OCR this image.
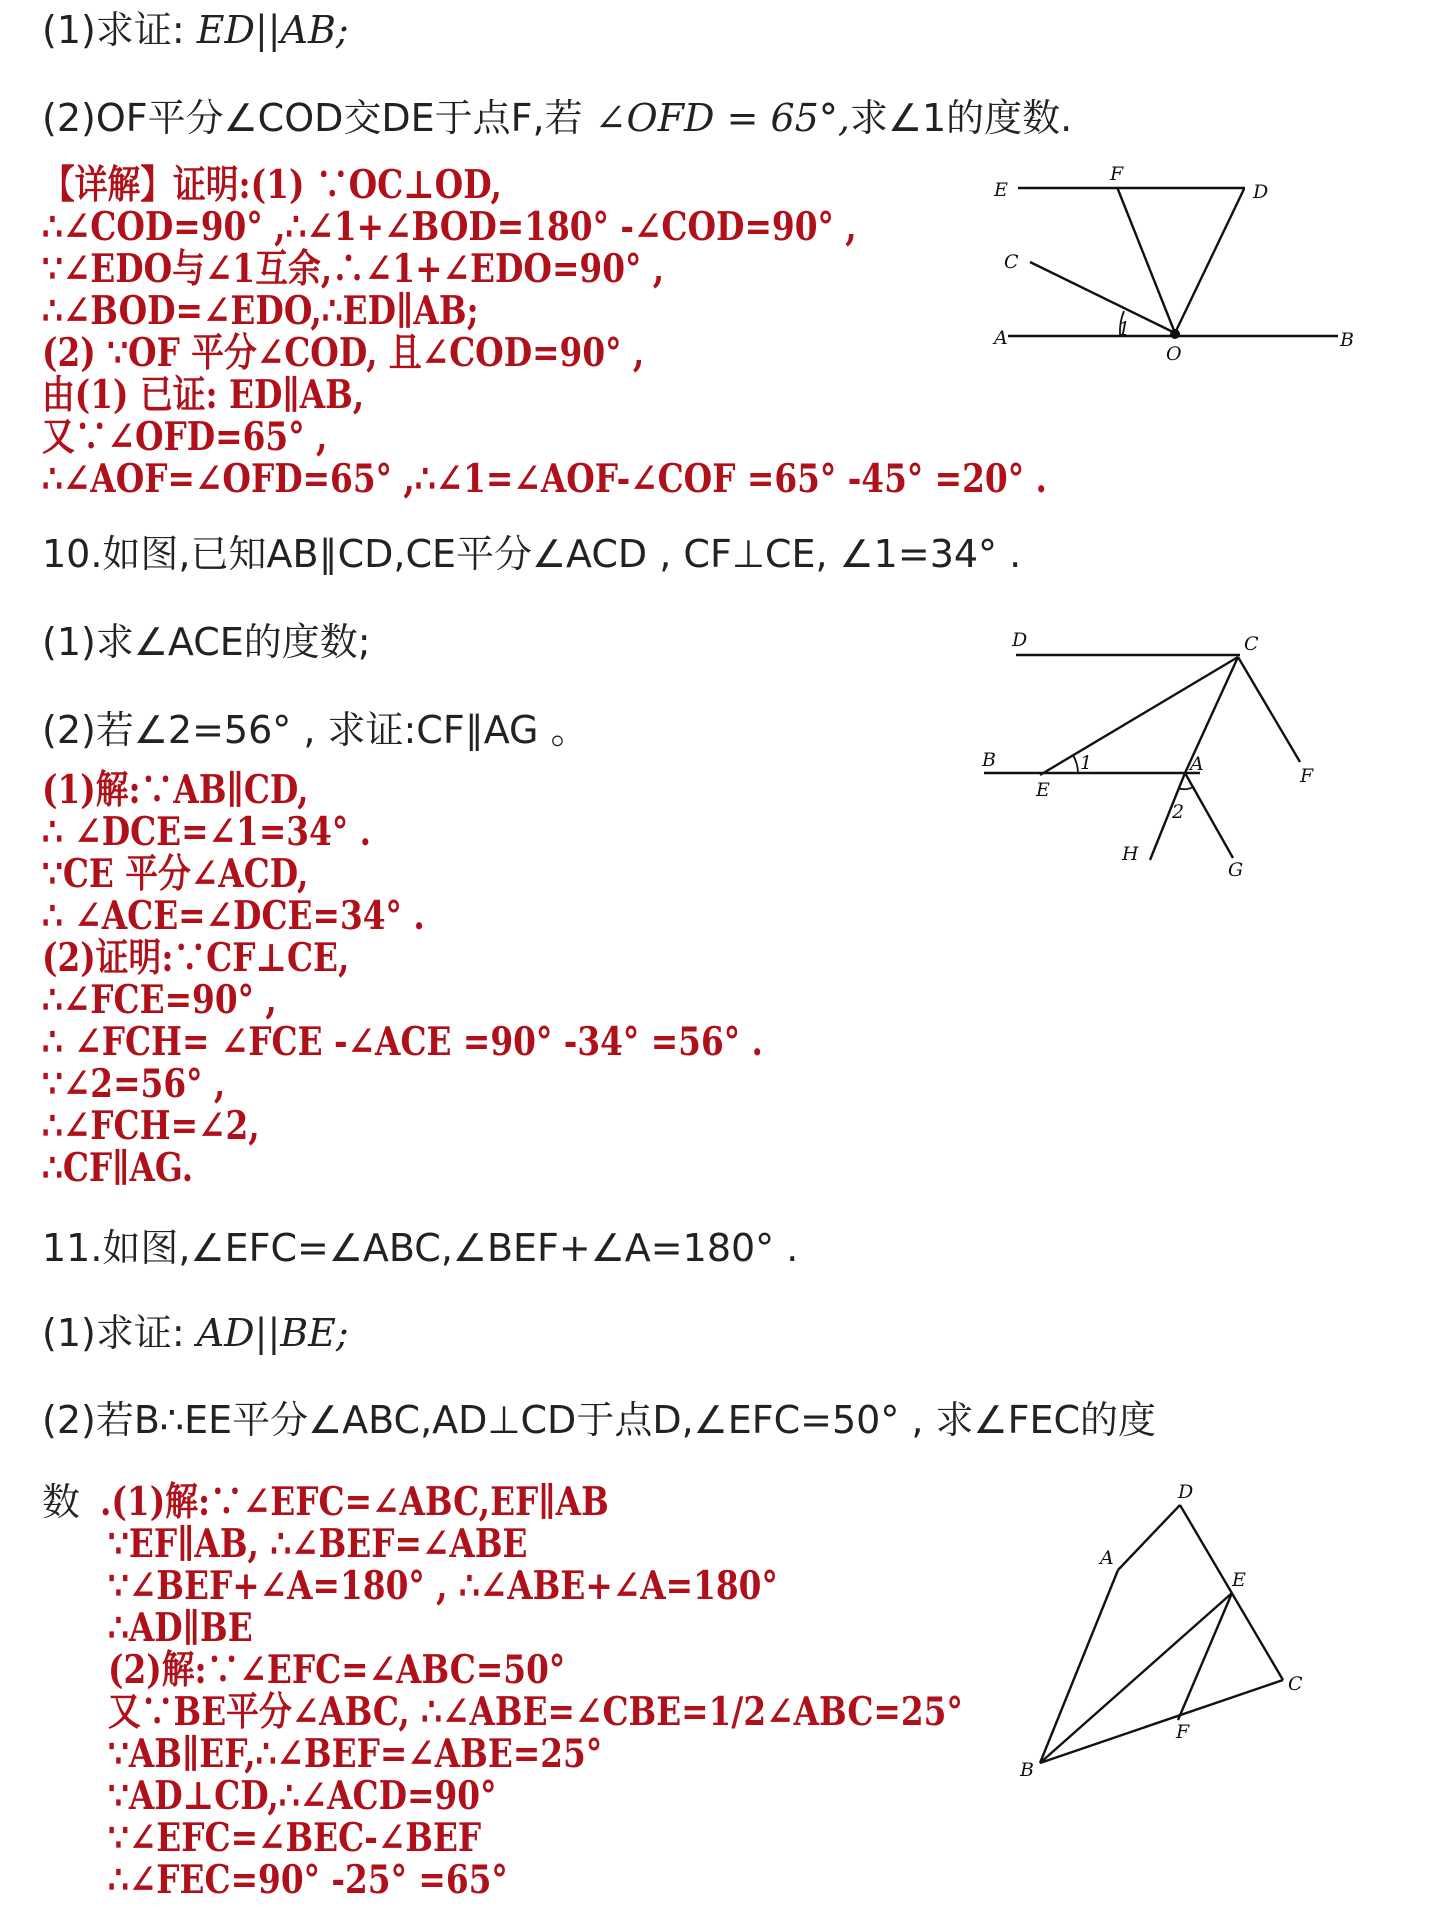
(1)求证: ED||AB;
(2)OF平分∠COD交DE于点F,若 ∠OFD = 65°,求∠1的度数.
【详解】证明:(1) ∵OC⊥OD,
∴∠COD=90° ,∴∠1+∠BOD=180° -∠COD=90° ,
∵∠EDO与∠1互余,∴∠1+∠EDO=90° ,
∴∠BOD=∠EDO,∴ED∥AB;
(2) ∵OF 平分∠COD, 且∠COD=90° ,
由(1) 已证: ED∥AB,
又∵∠OFD=65° ,
∴∠AOF=∠OFD=65° ,∴∠1=∠AOF-∠COF =65° -45° =20° .
E
F
D
C
A	1
O
B
10.如图,已知AB∥CD,CE平分∠ACD , CF⊥CE, ∠1=34° .
(1)求∠ACE的度数;
(2)若∠2=56° , 求证:CF∥AG 。
(1)解:∵AB∥CD,
∴ ∠DCE=∠1=34° .
∵CE 平分∠ACD,
∴ ∠ACE=∠DCE=34° .
(2)证明:∵CF⊥CE,
∴∠FCE=90° ,
∴ ∠FCH= ∠FCE -∠ACE =90° -34° =56° .
∵∠2=56° ,
∴∠FCH=∠2,
∴CF∥AG.
D	C
B	1	A
E
F
2
H
G
11.如图,∠EFC=∠ABC,∠BEF+∠A=180° .
(1)求证: AD||BE;
(2)若B∴EE平分∠ABC,AD⊥CD于点D,∠EFC=50° , 求∠FEC的度
数 .(1)解:∵∠EFC=∠ABC,EF∥AB
∵EF∥AB, ∴∠BEF=∠ABE
∵∠BEF+∠A=180° , ∴∠ABE+∠A=180°
∴AD∥BE
(2)解:∵∠EFC=∠ABC=50°
又∵BE平分∠ABC, ∴∠ABE=∠CBE=1/2∠ABC=25°
∵AB∥EF,∴∠BEF=∠ABE=25°
∵AD⊥CD,∴∠ACD=90°
∵∠EFC=∠BEC-∠BEF
∴∠FEC=90° -25° =65°
D
A
E
C
F
B
